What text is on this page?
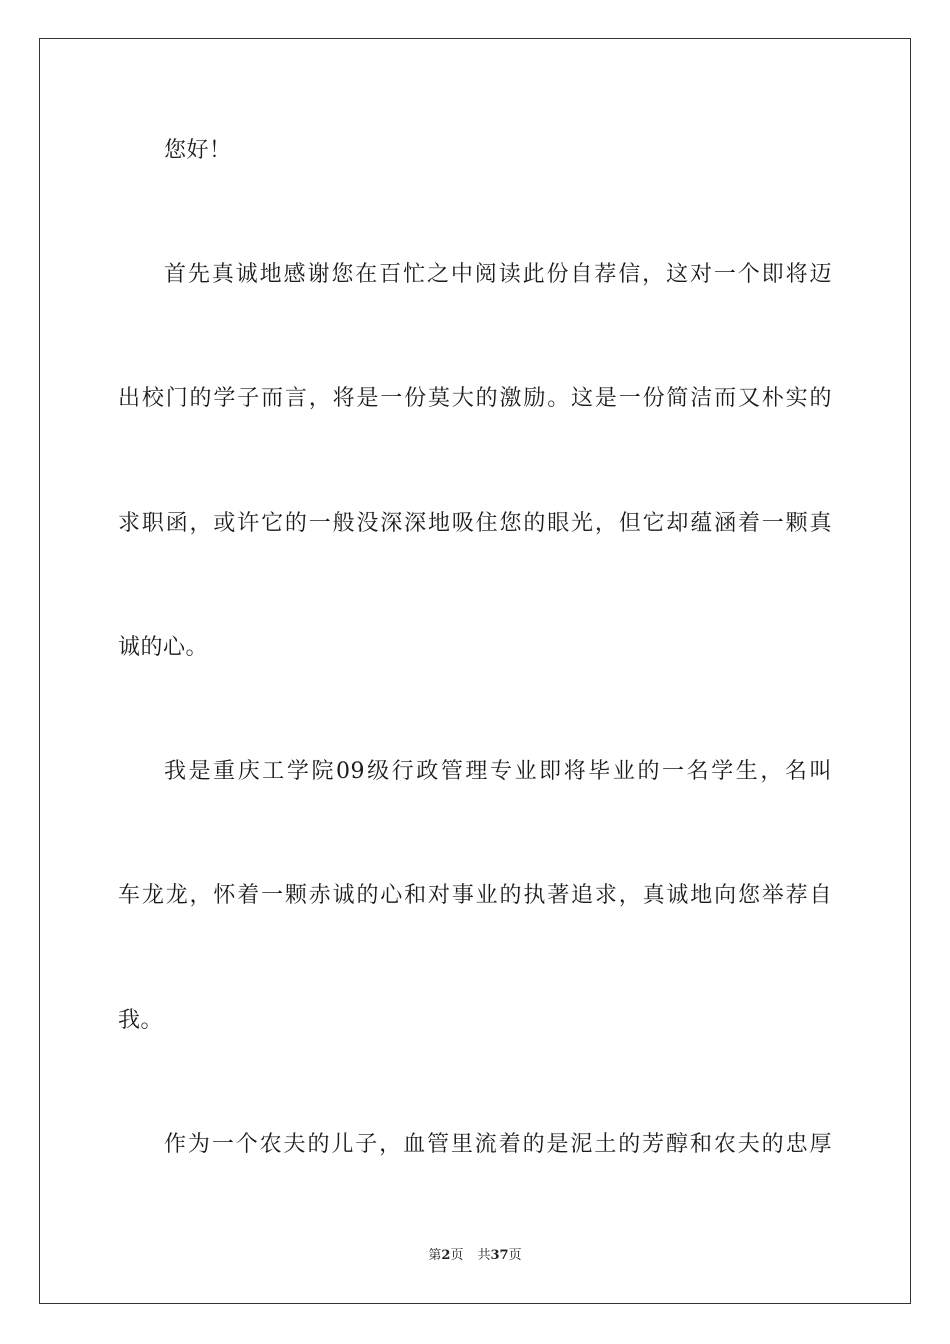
您好！
首先真诚地感谢您在百忙之中阅读此份自荐信，这对一个即将迈
出校门的学子而言，将是一份莫大的激励。这是一份简洁而又朴实的
求职函，或许它的一般没深深地吸住您的眼光，但它却蕴涵着一颗真
诚的心。
我是重庆工学院09级行政管理专业即将毕业的一名学生，名叫
车龙龙，怀着一颗赤诚的心和对事业的执著追求，真诚地向您举荐自
我。
作为一个农夫的儿子，血管里流着的是泥土的芳醇和农夫的忠厚
第2页 共37页
